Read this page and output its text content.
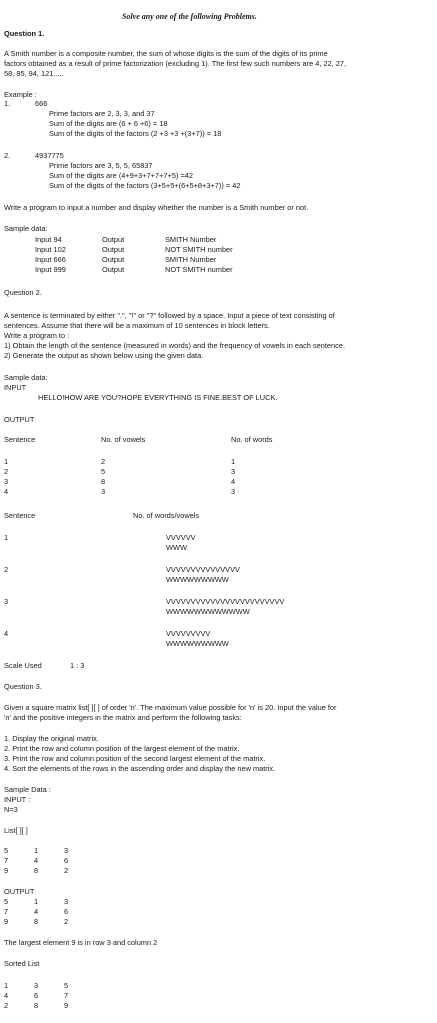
Solve any one of the following Problems.
Question 1.
A Smith number is a composite number, the sum of whose digits is the sum of the digits of its prime
factors obtained as a result of prime factorization (excluding 1). The first few such numbers are 4, 22, 27,
58, 85, 94, 121.....
Example :
1.	666
Prime factors are 2, 3, 3, and 37
Sum of the digits are (6 + 6 +6) = 18
Sum of the digits of the factors (2 +3 +3 +(3+7)) = 18
2.	4937775
Prime factors are 3, 5, 5, 65837
Sum of the digits are (4+9+3+7+7+7+5) =42
Sum of the digits of the factors (3+5+5+(6+5+8+3+7)) = 42
Write a program to input a number and display whether the number is a Smith number or not.
Sample data:
Input 94	Output	SMITH Number
Input 102	Output	NOT SMITH number
Input 666	Output	SMITH Number
Input 999	Output	NOT SMITH number
Question 2.
A sentence is terminated by either ".", "!" or "?" followed by a space. Input a piece of text consisting of
sentences. Assume that there will be a maximum of 10 sentences in block letters.
Write a program to :
1) Obtain the length of the sentence (measured in words) and the frequency of vowels in each sentence.
2) Generate the output as shown below using the given data.
Sample data:
INPUT
HELLO!HOW ARE YOU?HOPE EVERYTHING IS FINE.BEST OF LUCK.
OUTPUT
Sentence	No. of vowels	No. of words
1	2	1
2	5	3
3	8	4
4	3	3
Sentence	No. of words/vowels
1	VVVVVV
WWW
2	VVVVVVVVVVVVVVV
WWWWWWWWW
3	VVVVVVVVVVVVVVVVVVVVVVVV
WWWWWWWWWWWW
4	VVVVVVVVV
WWWWWWWWW
Scale Used	1 : 3
Question 3.
Given a square matrix list[ ][ ] of order 'n'. The maximum value possible for 'n' is 20. Input the value for
'n' and the positive integers in the matrix and perform the following tasks:
1. Display the original matrix.
2. Print the row and column position of the largest element of the matrix.
3. Print the row and column position of the second largest element of the matrix.
4. Sort the elements of the rows in the ascending order and display the new matrix.
Sample Data :
INPUT :
N=3
List[ ][ ]
5	1	3
7	4	6
9	8	2
OUTPUT
5	1	3
7	4	6
9	8	2
The largest element 9 is in row 3 and column 2
Sorted List
1	3	5
4	6	7
2	8	9
